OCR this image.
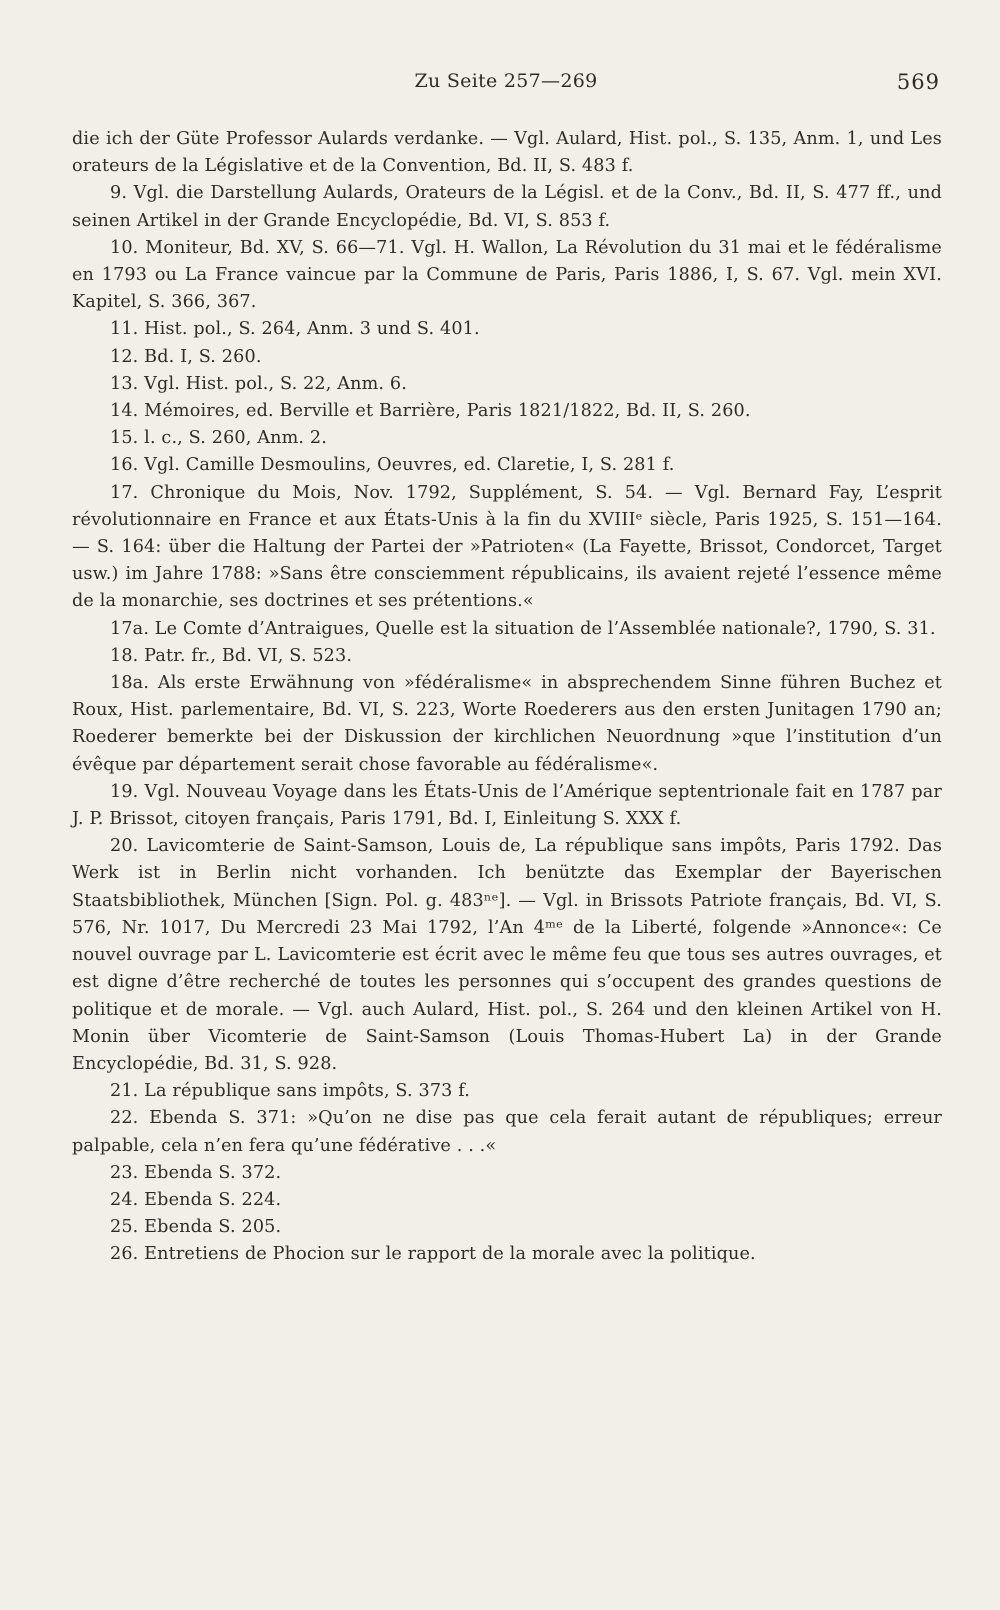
Zu Seite 257—269	569

die ich der Güte Professor Aulards verdanke. — Vgl. Aulard, Hist. pol., S. 135, Anm. 1, und Les orateurs de la Législative et de la Convention, Bd. II, S. 483 f.

9. Vgl. die Darstellung Aulards, Orateurs de la Législ. et de la Conv., Bd. II, S. 477 ff., und seinen Artikel in der Grande Encyclopédie, Bd. VI, S. 853 f.

10. Moniteur, Bd. XV, S. 66—71. Vgl. H. Wallon, La Révolution du 31 mai et le fédéralisme en 1793 ou La France vaincue par la Commune de Paris, Paris 1886, I, S. 67. Vgl. mein XVI. Kapitel, S. 366, 367.

11. Hist. pol., S. 264, Anm. 3 und S. 401.

12. Bd. I, S. 260.

13. Vgl. Hist. pol., S. 22, Anm. 6.

14. Mémoires, ed. Berville et Barrière, Paris 1821/1822, Bd. II, S. 260.

15. l. c., S. 260, Anm. 2.

16. Vgl. Camille Desmoulins, Oeuvres, ed. Claretie, I, S. 281 f.

17. Chronique du Mois, Nov. 1792, Supplément, S. 54. — Vgl. Bernard Fay, L’esprit révolutionnaire en France et aux États-Unis à la fin du XVIIIᵉ siècle, Paris 1925, S. 151—164. — S. 164: über die Haltung der Partei der »Patrioten« (La Fayette, Brissot, Condorcet, Target usw.) im Jahre 1788: »Sans être consciemment républicains, ils avaient rejeté l’essence même de la monarchie, ses doctrines et ses prétentions.«

17a. Le Comte d’Antraigues, Quelle est la situation de l’Assemblée nationale?, 1790, S. 31.

18. Patr. fr., Bd. VI, S. 523.

18a. Als erste Erwähnung von »fédéralisme« in absprechendem Sinne führen Buchez et Roux, Hist. parlementaire, Bd. VI, S. 223, Worte Roederers aus den ersten Junitagen 1790 an; Roederer bemerkte bei der Diskussion der kirchlichen Neuordnung »que l’institution d’un évêque par département serait chose favorable au fédéralisme«.

19. Vgl. Nouveau Voyage dans les États-Unis de l’Amérique septentrionale fait en 1787 par J. P. Brissot, citoyen français, Paris 1791, Bd. I, Einleitung S. XXX f.

20. Lavicomterie de Saint-Samson, Louis de, La république sans impôts, Paris 1792. Das Werk ist in Berlin nicht vorhanden. Ich benützte das Exemplar der Bayerischen Staatsbibliothek, München [Sign. Pol. g. 483ⁿᵉ]. — Vgl. in Brissots Patriote français, Bd. VI, S. 576, Nr. 1017, Du Mercredi 23 Mai 1792, l’An 4ᵐᵉ de la Liberté, folgende »Annonce«: Ce nouvel ouvrage par L. Lavicomterie est écrit avec le même feu que tous ses autres ouvrages, et est digne d’être recherché de toutes les personnes qui s’occupent des grandes questions de politique et de morale. — Vgl. auch Aulard, Hist. pol., S. 264 und den kleinen Artikel von H. Monin über Vicomterie de Saint-Samson (Louis Thomas-Hubert La) in der Grande Encyclopédie, Bd. 31, S. 928.

21. La république sans impôts, S. 373 f.

22. Ebenda S. 371: »Qu’on ne dise pas que cela ferait autant de républiques; erreur palpable, cela n’en fera qu’une fédérative . . .«

23. Ebenda S. 372.

24. Ebenda S. 224.

25. Ebenda S. 205.

26. Entretiens de Phocion sur le rapport de la morale avec la politique.
